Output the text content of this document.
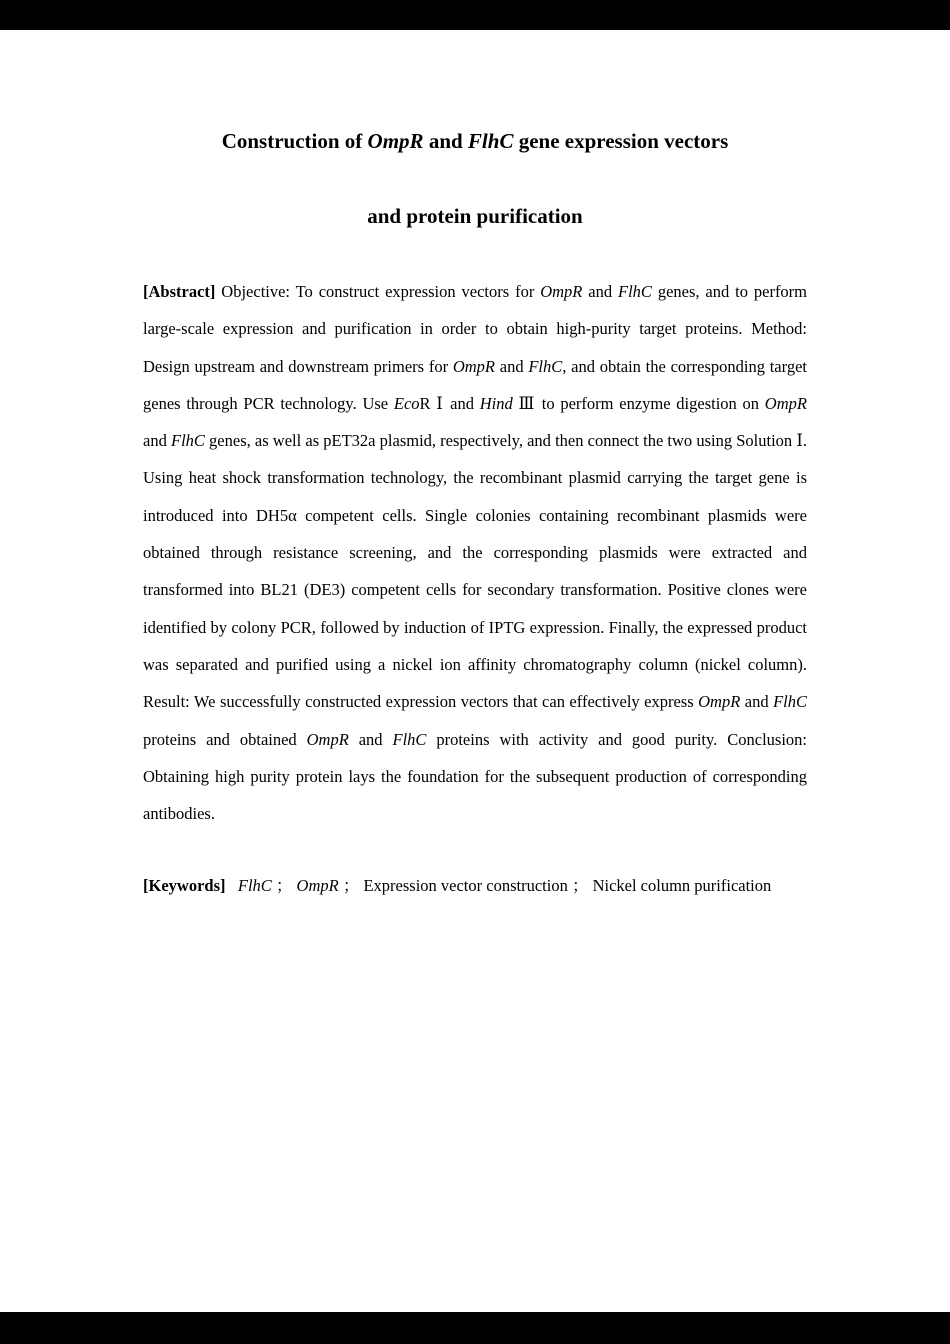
Construction of OmpR and FlhC gene expression vectors
and protein purification

[Abstract] Objective: To construct expression vectors for OmpR and FlhC genes, and to perform large-scale expression and purification in order to obtain high-purity target proteins. Method: Design upstream and downstream primers for OmpR and FlhC, and obtain the corresponding target genes through PCR technology. Use EcoR Ⅰ and Hind Ⅲ to perform enzyme digestion on OmpR and FlhC genes, as well as pET32a plasmid, respectively, and then connect the two using Solution Ⅰ. Using heat shock transformation technology, the recombinant plasmid carrying the target gene is introduced into DH5α competent cells. Single colonies containing recombinant plasmids were obtained through resistance screening, and the corresponding plasmids were extracted and transformed into BL21 (DE3) competent cells for secondary transformation. Positive clones were identified by colony PCR, followed by induction of IPTG expression. Finally, the expressed product was separated and purified using a nickel ion affinity chromatography column (nickel column). Result: We successfully constructed expression vectors that can effectively express OmpR and FlhC proteins and obtained OmpR and FlhC proteins with activity and good purity. Conclusion: Obtaining high purity protein lays the foundation for the subsequent production of corresponding antibodies.

[Keywords] FlhC ； OmpR ； Expression vector construction ； Nickel column purification
